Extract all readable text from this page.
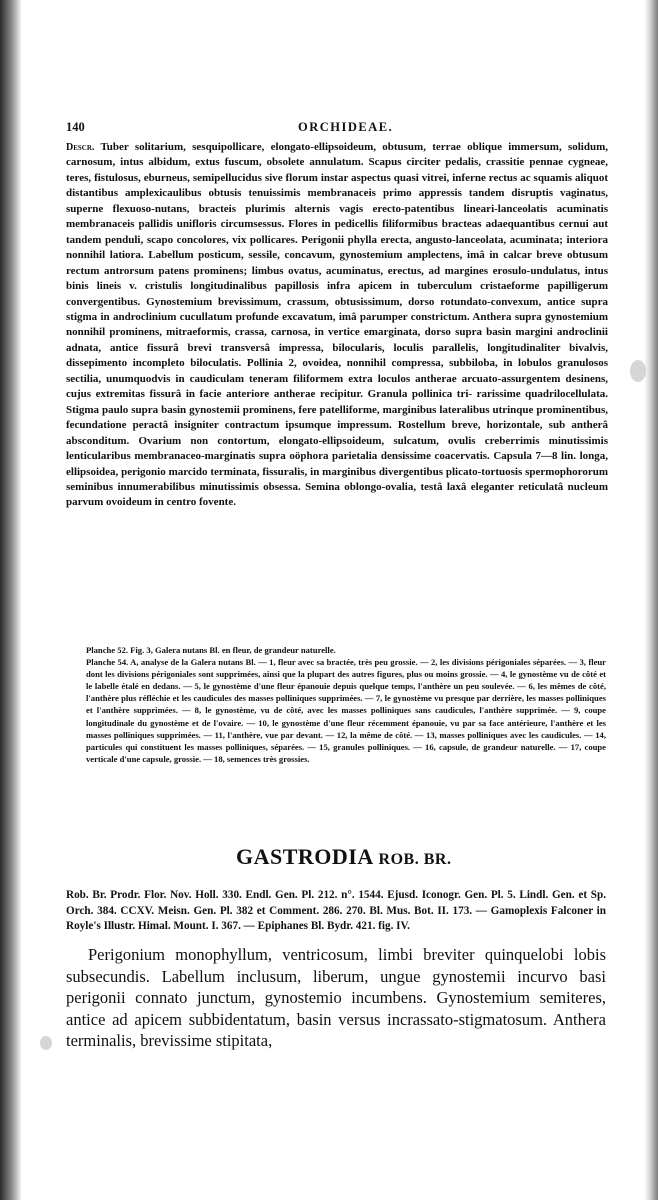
140	ORCHIDEAE.
Descr. Tuber solitarium, sesquipollicare, elongato-ellipsoideum, obtusum, terrae oblique immersum, solidum, carnosum, intus albidum, extus fuscum, obsolete annulatum. Scapus circiter pedalis, crassitie pennae cygneae, teres, fistulosus, eburneus, semipellucidus sive florum instar aspectus quasi vitrei, inferne rectus ac squamis aliquot distantibus amplexicaulibus obtusis tenuissimis membranaceis primo appressis tandem disruptis vaginatus, superne flexuoso-nutans, bracteis plurimis alternis vagis erecto-patentibus lineari-lanceolatis acuminatis membranaceis pallidis unifloris circumsessus. Flores in pedicellis filiformibus bracteas adaequantibus cernui aut tandem penduli, scapo concolores, vix pollicares. Perigonii phylla erecta, angusto-lanceolata, acuminata; interiora nonnihil latiora. Labellum posticum, sessile, concavum, gynostemium amplectens, imâ in calcar breve obtusum rectum antrorsum patens prominens; limbus ovatus, acuminatus, erectus, ad margines erosulo-undulatus, intus binis lineis v. cristulis longitudinalibus papillosis infra apicem in tuberculum cristaeforme papilligerum convergentibus. Gynostemium brevissimum, crassum, obtusissimum, dorso rotundato-convexum, antice supra stigma in androclinium cucullatum profunde excavatum, imâ parumper constrictum. Anthera supra gynostemium nonnihil prominens, mitraeformis, crassa, carnosa, in vertice emarginata, dorso supra basin margini androclinii adnata, antice fissurâ brevi transversâ impressa, bilocularis, loculis parallelis, longitudinaliter bivalvis, dissepimento incompleto biloculatis. Pollinia 2, ovoidea, nonnihil compressa, subbiloba, in lobulos granulosos sectilia, unumquodvis in caudiculam teneram filiformem extra loculos antherae arcuato-assurgentem desinens, cujus extremitas fissurâ in facie anteriore antherae recipitur. Granula pollinica tri- rarissime quadrilocellulata. Stigma paulo supra basin gynostemii prominens, fere patelliforme, marginibus lateralibus utrinque prominentibus, fecundatione peractâ insigniter contractum ipsumque impressum. Rostellum breve, horizontale, sub antherâ absconditum. Ovarium non contortum, elongato-ellipsoideum, sulcatum, ovulis creberrimis minutissimis lenticularibus membranaceo-marginatis supra oöphora parietalia densissime coacervatis. Capsula 7—8 lin. longa, ellipsoidea, perigonio marcido terminata, fissuralis, in marginibus divergentibus plicato-tortuosis spermophororum seminibus innumerabilibus minutissimis obsessa. Semina oblongo-ovalia, testâ laxâ eleganter reticulatâ nucleum parvum ovoideum in centro fovente.

Planche 52. Fig. 3, Galera nutans Bl. en fleur, de grandeur naturelle.

Planche 54. A, analyse de la Galera nutans Bl. — 1, fleur avec sa bractée, très peu grossie. — 2, les divisions périgoniales séparées. — 3, fleur dont les divisions périgoniales sont supprimées, ainsi que la plupart des autres figures, plus ou moins grossie. — 4, le gynostème vu de côté et le labelle étalé en dedans. — 5, le gynostème d'une fleur épanouie depuis quelque temps, l'anthère un peu soulevée. — 6, les mêmes de côté, l'anthère plus réfléchie et les caudicules des masses polliniques supprimées. — 7, le gynostème vu presque par derrière, les masses polliniques et l'anthère supprimées. — 8, le gynostème, vu de côté, avec les masses polliniques sans caudicules, l'anthère supprimée. — 9, coupe longitudinale du gynostème et de l'ovaire. — 10, le gynostème d'une fleur récemment épanouie, vu par sa face antérieure, l'anthère et les masses polliniques supprimées. — 11, l'anthère, vue par devant. — 12, la même de côté. — 13, masses polliniques avec les caudicules. — 14, particules qui constituent les masses polliniques, séparées. — 15, granules polliniques. — 16, capsule, de grandeur naturelle. — 17, coupe verticale d'une capsule, grossie. — 18, semences très grossies.

GASTRODIA ROB. BR.
Rob. Br. Prodr. Flor. Nov. Holl. 330. Endl. Gen. Pl. 212. n°. 1544. Ejusd. Iconogr. Gen. Pl. 5. Lindl. Gen. et Sp. Orch. 384. CCXV. Meisn. Gen. Pl. 382 et Comment. 286. 270. Bl. Mus. Bot. II. 173. — Gamoplexis Falconer in Royle's Illustr. Himal. Mount. I. 367. — Epiphanes Bl. Bydr. 421. fig. IV.
Perigonium monophyllum, ventricosum, limbi breviter quinquelobi lobis subsecundis. Labellum inclusum, liberum, ungue gynostemii incurvo basi perigonii connato junctum, gynostemio incumbens. Gynostemium semiteres, antice ad apicem subbidentatum, basin versus incrassato-stigmatosum. Anthera terminalis, brevissime stipitata,
